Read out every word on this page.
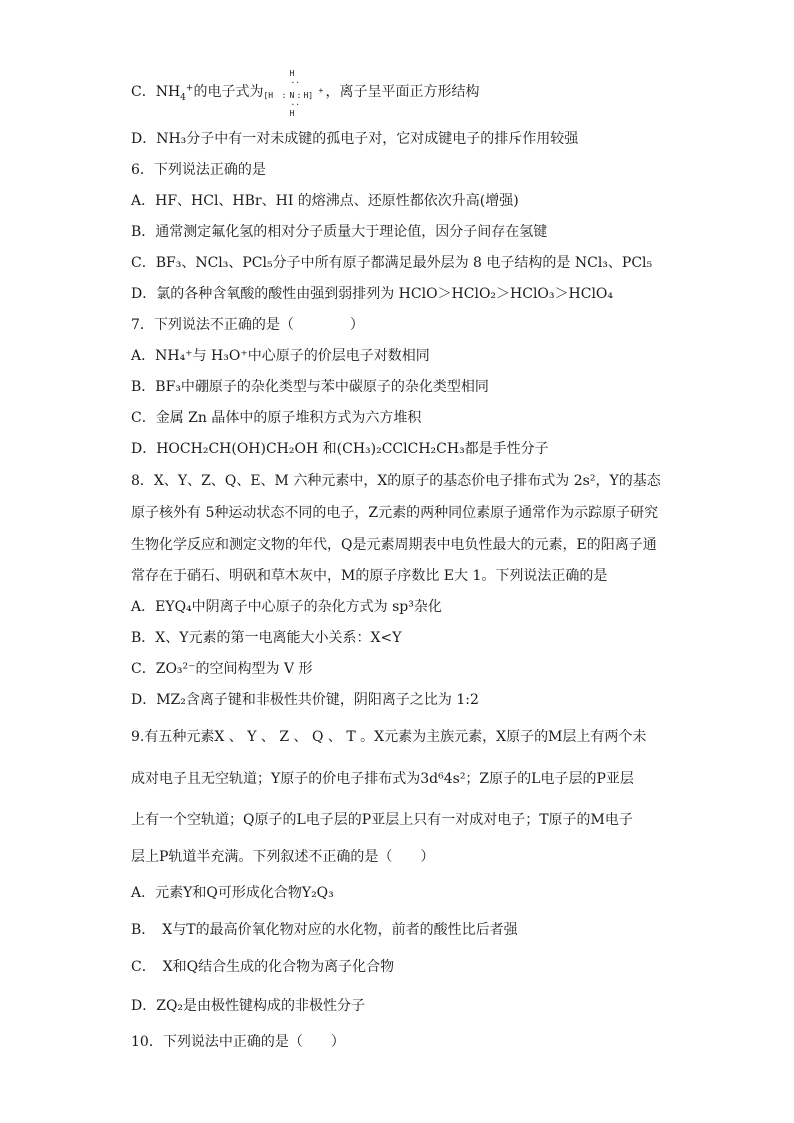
C．$NH_4^+$的电子式为
H
··
[H : N : H]
+
··
H
，离子呈平面正方形结构
D．NH₃分子中有一对未成键的孤电子对，它对成键电子的排斥作用较强
6．下列说法正确的是
A．HF、HCl、HBr、HI 的熔沸点、还原性都依次升高(增强)
B．通常测定氟化氢的相对分子质量大于理论值，因分子间存在氢键
C．BF₃、NCl₃、PCl₅分子中所有原子都满足最外层为 8 电子结构的是 NCl₃、PCl₅
D．氯的各种含氧酸的酸性由强到弱排列为 HClO＞HClO₂＞HClO₃＞HClO₄
7．下列说法不正确的是（　　　　）
A．NH₄⁺与 H₃O⁺中心原子的价层电子对数相同
B．BF₃中硼原子的杂化类型与苯中碳原子的杂化类型相同
C．金属 Zn 晶体中的原子堆积方式为六方堆积
D．HOCH₂CH(OH)CH₂OH 和(CH₃)₂CClCH₂CH₃都是手性分子
8．X、Y、Z、Q、E、M 六种元素中，X的原子的基态价电子排布式为 2s²，Y的基态
原子核外有 5种运动状态不同的电子，Z元素的两种同位素原子通常作为示踪原子研究
生物化学反应和测定文物的年代，Q是元素周期表中电负性最大的元素，E的阳离子通
常存在于硝石、明矾和草木灰中，M的原子序数比 E大 1。下列说法正确的是
A．EYQ₄中阴离子中心原子的杂化方式为 sp³杂化
B．X、Y元素的第一电离能大小关系：X<Y
C．ZO₃²⁻的空间构型为 V 形
D．MZ₂含离子键和非极性共价键，阴阳离子之比为 1:2
9.有五种元素X 、 Y 、 Z 、 Q 、 T 。X元素为主族元素，X原子的M层上有两个未
成对电子且无空轨道；Y原子的价电子排布式为3d⁶4s²；Z原子的L电子层的P亚层
上有一个空轨道；Q原子的L电子层的P亚层上只有一对成对电子；T原子的M电子
层上P轨道半充满。下列叙述不正确的是（　　）
A．元素Y和Q可形成化合物Y₂Q₃
B．　X与T的最高价氧化物对应的水化物，前者的酸性比后者强
C．　X和Q结合生成的化合物为离子化合物
D．ZQ₂是由极性键构成的非极性分子
10．下列说法中正确的是（　　）
